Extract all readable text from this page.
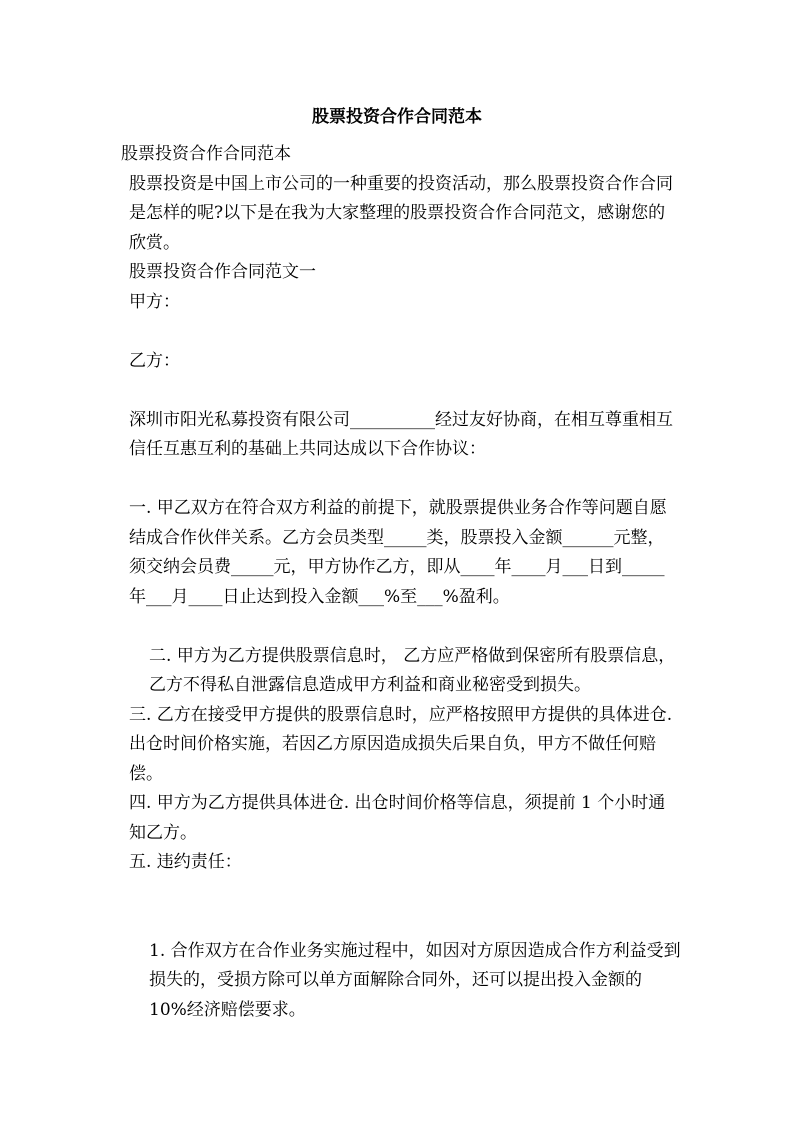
股票投资合作合同范本

股票投资合作合同范本

股票投资是中国上市公司的一种重要的投资活动，那么股票投资合作合同是怎样的呢?以下是在我为大家整理的股票投资合作合同范文，感谢您的欣赏。

股票投资合作合同范文一

甲方：

乙方：

深圳市阳光私募投资有限公司__________经过友好协商，在相互尊重相互信任互惠互利的基础上共同达成以下合作协议：

一. 甲乙双方在符合双方利益的前提下，就股票提供业务合作等问题自愿结成合作伙伴关系。乙方会员类型_____类，股票投入金额______元整，须交纳会员费_____元，甲方协作乙方，即从____年____月___日到_____年___月____日止达到投入金额___%至___%盈利。

二. 甲方为乙方提供股票信息时， 乙方应严格做到保密所有股票信息， 乙方不得私自泄露信息造成甲方利益和商业秘密受到损失。

三. 乙方在接受甲方提供的股票信息时，应严格按照甲方提供的具体进仓. 出仓时间价格实施，若因乙方原因造成损失后果自负，甲方不做任何赔偿。

四. 甲方为乙方提供具体进仓. 出仓时间价格等信息，须提前 1 个小时通知乙方。

五. 违约责任：

1. 合作双方在合作业务实施过程中，如因对方原因造成合作方利益受到损失的，受损方除可以单方面解除合同外，还可以提出投入金额的 10%经济赔偿要求。
